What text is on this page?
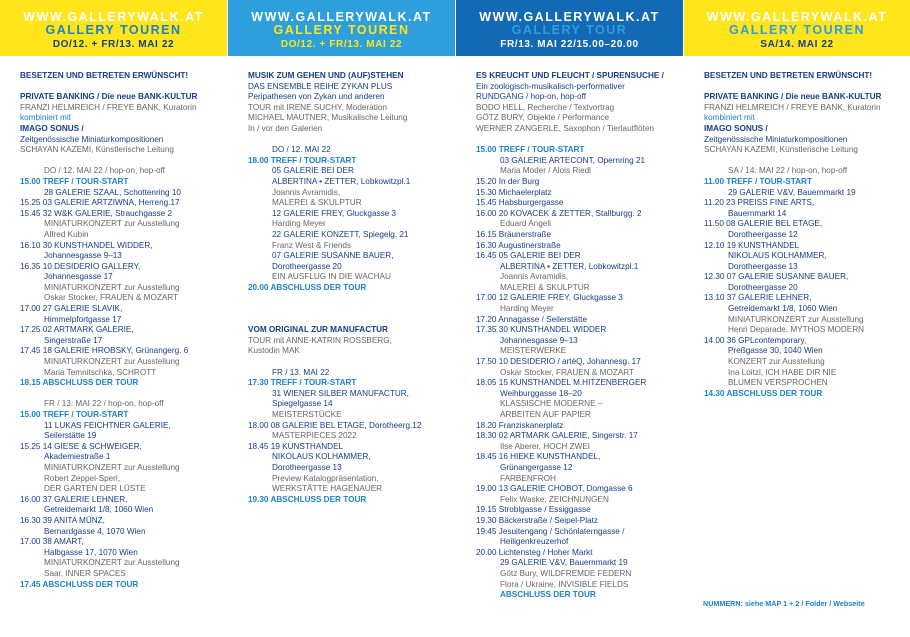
WWW.GALLERYWALK.AT
GALLERY TOUREN
DO/12. + FR/13. MAI 22
BESETZEN UND BETRETEN ERWÜNSCHT!
PRIVATE BANKING / Die neue BANK-KULTUR
FRANZI HELMREICH / FREYE BANK, Kuratorin
kombiniert mit
IMAGO SONUS /
Zeitgenössische Miniaturkompositionen
SCHAYAN KAZEMI, Künstlerische Leitung
DO / 12. MAI 22 / hop-on, hop-off
15.00 TREFF / TOUR-START
28 GALERIE SZAAL, Schottenring 10
15.25 03 GALERIE ARTZIWNA, Herreng.17
15.45 32 W&K GALERIE, Strauchgasse 2
MINIATURKONZERT zur Ausstellung
Alfred Kubin
16.10 30 KUNSTHANDEL WIDDER,
Johannesgasse 9–13
16.35 10 DESIDERIO GALLERY,
Johannesgasse 17
MINIATURKONZERT zur Ausstellung
Oskar Stocker, FRAUEN & MOZART
17.00 27 GALERIE SLAVIK,
Himmelpfortgasse 17
17.25 02 ARTMARK GALERIE,
Singerstraße 17
17.45 18 GALERIE HROBSKY, Grünangerg. 6
MINIATURKONZERT zur Ausstellung
Maria Temnitschka, SCHROTT
18.15 ABSCHLUSS DER TOUR
FR / 13. MAI 22 / hop-on, hop-off
15.00 TREFF / TOUR-START
11 LUKAS FEICHTNER GALERIE,
Seilerstätte 19
15.25 14 GIESE & SCHWEIGER,
Akademiestraße 1
MINIATURKONZERT zur Ausstellung
Robert Zeppel-Sperl,
DER GARTEN DER LÜSTE
16.00 37 GALERIE LEHNER,
Getreidemarkt 1/8, 1060 Wien
16.30 39 ANITA MÜNZ,
Bernardgasse 4, 1070 Wien
17.00 38 AMART,
Halbgasse 17, 1070 Wien
MINIATURKONZERT zur Ausstellung
Saar, INNER SPACES
17.45 ABSCHLUSS DER TOUR
WWW.GALLERYWALK.AT
GALLERY TOUREN
DO/12. + FR/13. MAI 22
MUSIK ZUM GEHEN UND (AUF)STEHEN
DAS ENSEMBLE REIHE ZYKAN PLUS
Peripathesen von Zykan und anderen
TOUR mit IRENE SUCHY, Moderation
MICHAEL MAUTNER, Musikalische Leitung
In / vor den Galerien
DO / 12. MAI 22
18.00 TREFF / TOUR-START
05 GALERIE BEI DER
ALBERTINA ▪ ZETTER, Lobkowitzpl.1
Joannis Avramidis,
MALEREI & SKULPTUR
12 GALERIE FREY, Gluckgasse 3
Harding Meyer
22 GALERIE KONZETT, Spiegelg. 21
Franz West & Friends
07 GALERIE SUSANNE BAUER,
Dorotheergasse 20
EIN AUSFLUG IN DIE WACHAU
20.00 ABSCHLUSS DER TOUR
VOM ORIGINAL ZUR MANUFACTUR
TOUR mit ANNE-KATRIN ROSSBERG,
Kustodin MAK
FR / 13. MAI 22
17.30 TREFF / TOUR-START
31 WIENER SILBER MANUFACTUR,
Spiegelgasse 14
MEISTERSTÜCKE
18.00 08 GALERIE BEL ETAGE, Dorotheerg.12
MASTERPIECES 2022
18.45 19 KUNSTHANDEL
NIKOLAUS KOLHAMMER,
Dorotheergasse 13
Preview Katalogpräsentation,
WERKSTÄTTE HAGENAUER
19.30 ABSCHLUSS DER TOUR
WWW.GALLERYWALK.AT
GALLERY TOUR
FR/13. MAI 22/15.00–20.00
ES KREUCHT UND FLEUCHT / SPURENSUCHE /
Ein zoologisch-musikalisch-performativer
RUNDGANG / hop-on, hop-off
BODO HELL, Recherche / Textvortrag
GÖTZ BURY, Objekte / Performance
WERNER ZANGERLE, Saxophon / Tierlautflöten
15.00 TREFF / TOUR-START
03 GALERIE ARTECONT, Opernring 21
Maria Moder / Alois Riedl
15.20 In der Burg
15.30 Michaelerplatz
15.45 Habsburgergasse
16.00 20 KOVACEK & ZETTER, Stallburgg. 2
Eduard Angeli
16.15 Bräunerstraße
16.30 Augustinerstraße
16.45 05 GALERIE BEI DER
ALBERTINA ▪ ZETTER, Lobkowitzpl.1
Joannis Avramidis,
MALEREI & SKULPTUR
17.00 12 GALERIE FREY, Gluckgasse 3
Harding Meyer
17.20 Annagasse / Seilerstätte
17.35 30 KUNSTHANDEL WIDDER
Johannesgasse 9–13
MEISTERWERKE
17.50 10 DESIDERIO / artèQ, Johannesg. 17
Oskar Stocker, FRAUEN & MOZART
18.05 15 KUNSTHANDEL M.HITZENBERGER
Weihburggasse 18–20
KLASSISCHE MODERNE –
ARBEITEN AUF PAPIER
18.20 Franziskanerplatz
18.30 02 ARTMARK GALERIE, Singerstr. 17
Ilse Aberer, HOCH ZWEI
18.45 16 HIEKE KUNSTHANDEL,
Grünangergasse 12
FARBENFROH
19.00 13 GALERIE CHOBOT, Domgasse 6
Felix Waske, ZEICHNUNGEN
19.15 Stroblgasse / Essiggasse
19.30 Bäckerstraße / Seipel-Platz
19.45 Jesuitengang / Schönlaterngasse /
Heiligenkreuzerhof
20.00 Lichtensteg / Hoher Markt
29 GALERIE V&V, Bauernmarkt 19
Götz Bury, WILDFREMDE FEDERN
Flora / Ukraine, INVISIBLE FIELDS
ABSCHLUSS DER TOUR
WWW.GALLERYWALK.AT
GALLERY TOUREN
SA/14. MAI 22
BESETZEN UND BETRETEN ERWÜNSCHT!
PRIVATE BANKING / Die neue BANK-KULTUR
FRANZI HELMREICH / FREYE BANK, Kuratorin
kombiniert mit
IMAGO SONUS /
Zeitgenössische Miniaturkompositionen
SCHAYAN KAZEMI, Künstlerische Leitung
SA / 14. MAI 22 / hop-on, hop-off
11.00 TREFF / TOUR-START
29 GALERIE V&V, Bauernmarkt 19
11.20 23 PREISS FINE ARTS,
Bauernmarkt 14
11.50 08 GALERIE BEL ETAGE,
Dorotheergasse 12
12.10 19 KUNSTHANDEL
NIKOLAUS KOLHAMMER,
Dorotheergasse 13
12.30 07 GALERIE SUSANNE BAUER,
Dorotheergasse 20
13.10 37 GALERIE LEHNER,
Getreidemarkt 1/8, 1060 Wien
MINIATURKONZERT zur Ausstellung
Henri Deparade, MYTHOS MODERN
14.00 36 GPLcontemporary,
Preßgasse 30, 1040 Wien
KONZERT zur Ausstellung
Ina Loitzl, ICH HABE DIR NIE
BLUMEN VERSPROCHEN
14.30 ABSCHLUSS DER TOUR
NUMMERN: siehe MAP 1 + 2 / Folder / Webseite
